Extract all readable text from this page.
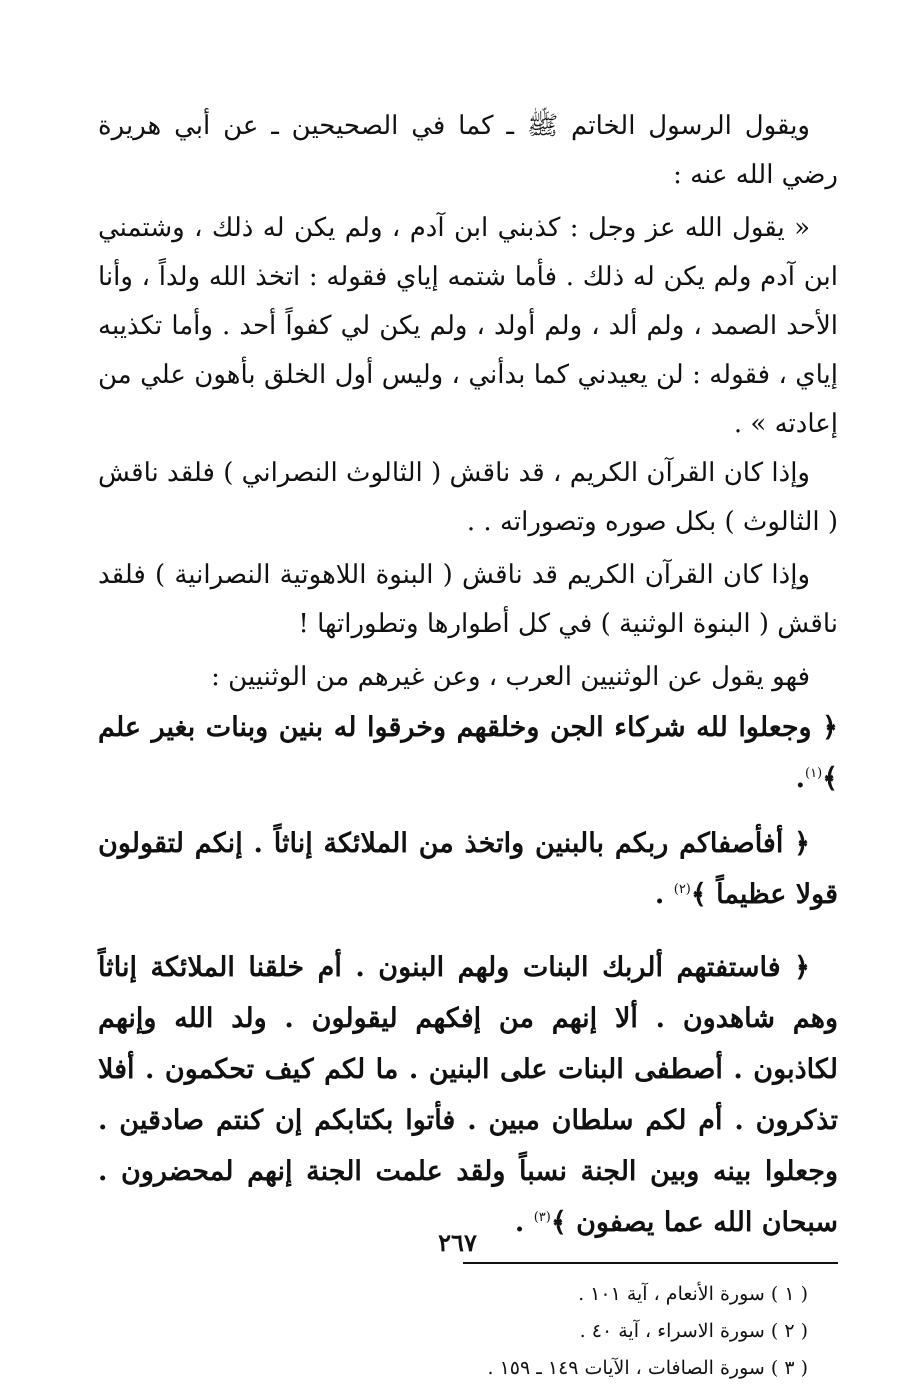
ويقول الرسول الخاتم ﷺ ـ كما في الصحيحين ـ عن أبي هريرة رضي الله عنه :

« يقول الله عز وجل : كذبني ابن آدم ، ولم يكن له ذلك ، وشتمني ابن آدم ولم يكن له ذلك . فأما شتمه إياي فقوله : اتخذ الله ولداً ، وأنا الأحد الصمد ، ولم ألد ، ولم أولد ، ولم يكن لي كفواً أحد . وأما تكذيبه إياي ، فقوله : لن يعيدني كما بدأني ، وليس أول الخلق بأهون علي من إعادته » .

وإذا كان القرآن الكريم ، قد ناقش ( الثالوث النصراني ) فلقد ناقش ( الثالوث ) بكل صوره وتصوراته . .

وإذا كان القرآن الكريم قد ناقش ( البنوة اللاهوتية النصرانية ) فلقد ناقش ( البنوة الوثنية ) في كل أطوارها وتطوراتها !

فهو يقول عن الوثنيين العرب ، وعن غيرهم من الوثنيين :

﴿ وجعلوا لله شركاء الجن وخلقهم وخرقوا له بنين وبنات بغير علم ﴾$^{(١)}$.

﴿ أفأصفاكم ربكم بالبنين واتخذ من الملائكة إناثاً . إنكم لتقولون قولا عظيماً ﴾$^{(٢)}$ .

﴿ فاستفتهم ألربك البنات ولهم البنون . أم خلقنا الملائكة إناثاً وهم شاهدون . ألا إنهم من إفكهم ليقولون . ولد الله وإنهم لكاذبون . أصطفى البنات على البنين . ما لكم كيف تحكمون . أفلا تذكرون . أم لكم سلطان مبين . فأتوا بكتابكم إن كنتم صادقين . وجعلوا بينه وبين الجنة نسباً ولقد علمت الجنة إنهم لمحضرون . سبحان الله عما يصفون ﴾$^{(٣)}$ .

( ١ ) سورة الأنعام ، آية ١٠١ .

( ٢ ) سورة الاسراء ، آية ٤٠ .

( ٣ ) سورة الصافات ، الآيات ١٤٩ ـ ١٥٩ .

٢٦٧
